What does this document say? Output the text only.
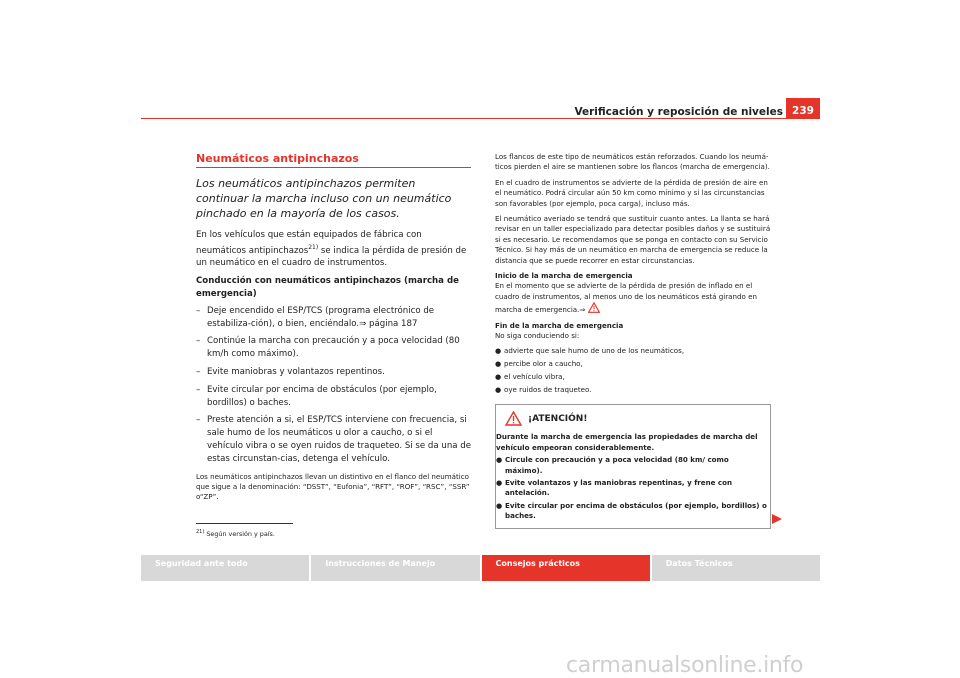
Verificación y reposición de niveles 239
Neumáticos antipinchazos
Los neumáticos antipinchazos permiten continuar la marcha incluso con un neumático pinchado en la mayoría de los casos.

En los vehículos que están equipados de fábrica con neumáticos antipinchazos$^{21)}$ se indica la pérdida de presión de un neumático en el cuadro de instrumentos.

Conducción con neumáticos antipinchazos (marcha de emergencia)

– Deje encendido el ESP/TCS (programa electrónico de estabiliza-ción), o bien, enciéndalo.⇒ página 187
– Continúe la marcha con precaución y a poca velocidad (80 km/h como máximo).
– Evite maniobras y volantazos repentinos.
– Evite circular por encima de obstáculos (por ejemplo, bordillos) o baches.
– Preste atención a si, el ESP/TCS interviene con frecuencia, si sale humo de los neumáticos u olor a caucho, o si el vehículo vibra o se oyen ruidos de traqueteo. Si se da una de estas circunstan-cias, detenga el vehículo.

Los neumáticos antipinchazos llevan un distintivo en el flanco del neumático que sigue a la denominación: “DSST”, “Eufonia”, “RFT”, “ROF”, “RSC”, “SSR” o“ZP”.

$^{21)}$ Según versión y país.

Los flancos de este tipo de neumáticos están reforzados. Cuando los neumá-ticos pierden el aire se mantienen sobre los flancos (marcha de emergencia).

En el cuadro de instrumentos se advierte de la pérdida de presión de aire en el neumático. Podrá circular aún 50 km como mínimo y si las circunstancias son favorables (por ejemplo, poca carga), incluso más.

El neumático averiado se tendrá que sustituir cuanto antes. La llanta se hará revisar en un taller especializado para detectar posibles daños y se sustituirá si es necesario. Le recomendamos que se ponga en contacto con su Servicio Técnico. Si hay más de un neumático en marcha de emergencia se reduce la distancia que se puede recorrer en estar circunstancias.

Inicio de la marcha de emergencia

En el momento que se advierte de la pérdida de presión de inflado en el cuadro de instrumentos, al menos uno de los neumáticos está girando en marcha de emergencia.⇒

Fin de la marcha de emergencia

No siga conduciendo si:

● advierte que sale humo de uno de los neumáticos,
● percibe olor a caucho,
● el vehículo vibra,
● oye ruidos de traqueteo.
¡ATENCIÓN!
Durante la marcha de emergencia las propiedades de marcha del vehículo empeoran considerablemente.
● Circule con precaución y a poca velocidad (80 km/ como máximo).
● Evite volantazos y las maniobras repentinas, y frene con antelación.
● Evite circular por encima de obstáculos (por ejemplo, bordillos) o baches.
Seguridad ante todo	Instrucciones de Manejo	Consejos prácticos	Datos Técnicos
carmanualsonline.info
